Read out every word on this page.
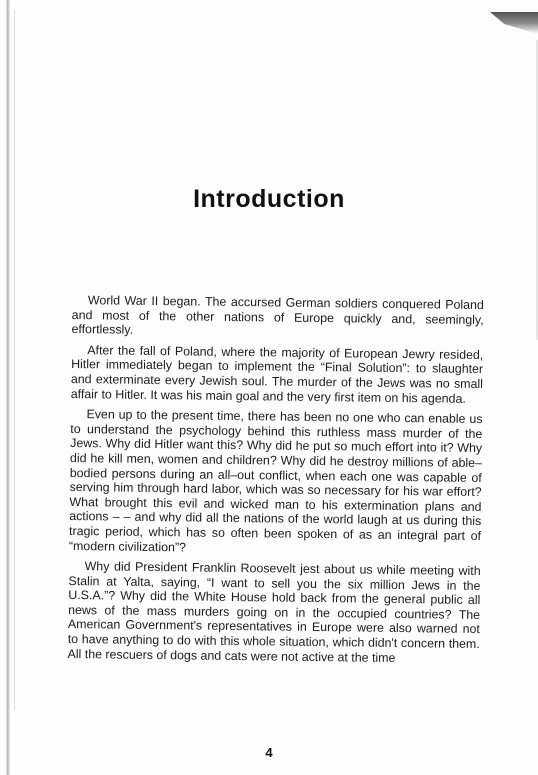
Introduction

World War II began. The accursed German soldiers conquered Poland and most of the other nations of Europe quickly and, seemingly, effortlessly.

After the fall of Poland, where the majority of European Jewry resided, Hitler immediately began to implement the “Final Solution”: to slaughter and exterminate every Jewish soul. The murder of the Jews was no small affair to Hitler. It was his main goal and the very first item on his agenda.

Even up to the present time, there has been no one who can enable us to understand the psychology behind this ruthless mass murder of the Jews. Why did Hitler want this? Why did he put so much effort into it? Why did he kill men, women and children? Why did he destroy millions of able–bodied persons during an all–out conflict, when each one was capable of serving him through hard labor, which was so necessary for his war effort? What brought this evil and wicked man to his extermination plans and actions – – and why did all the nations of the world laugh at us during this tragic period, which has so often been spoken of as an integral part of “modern civilization”?

Why did President Franklin Roosevelt jest about us while meeting with Stalin at Yalta, saying, “I want to sell you the six million Jews in the U.S.A.”? Why did the White House hold back from the general public all news of the mass murders going on in the occupied countries? The American Government's representatives in Europe were also warned not to have anything to do with this whole situation, which didn't concern them. All the rescuers of dogs and cats were not active at the time

4
